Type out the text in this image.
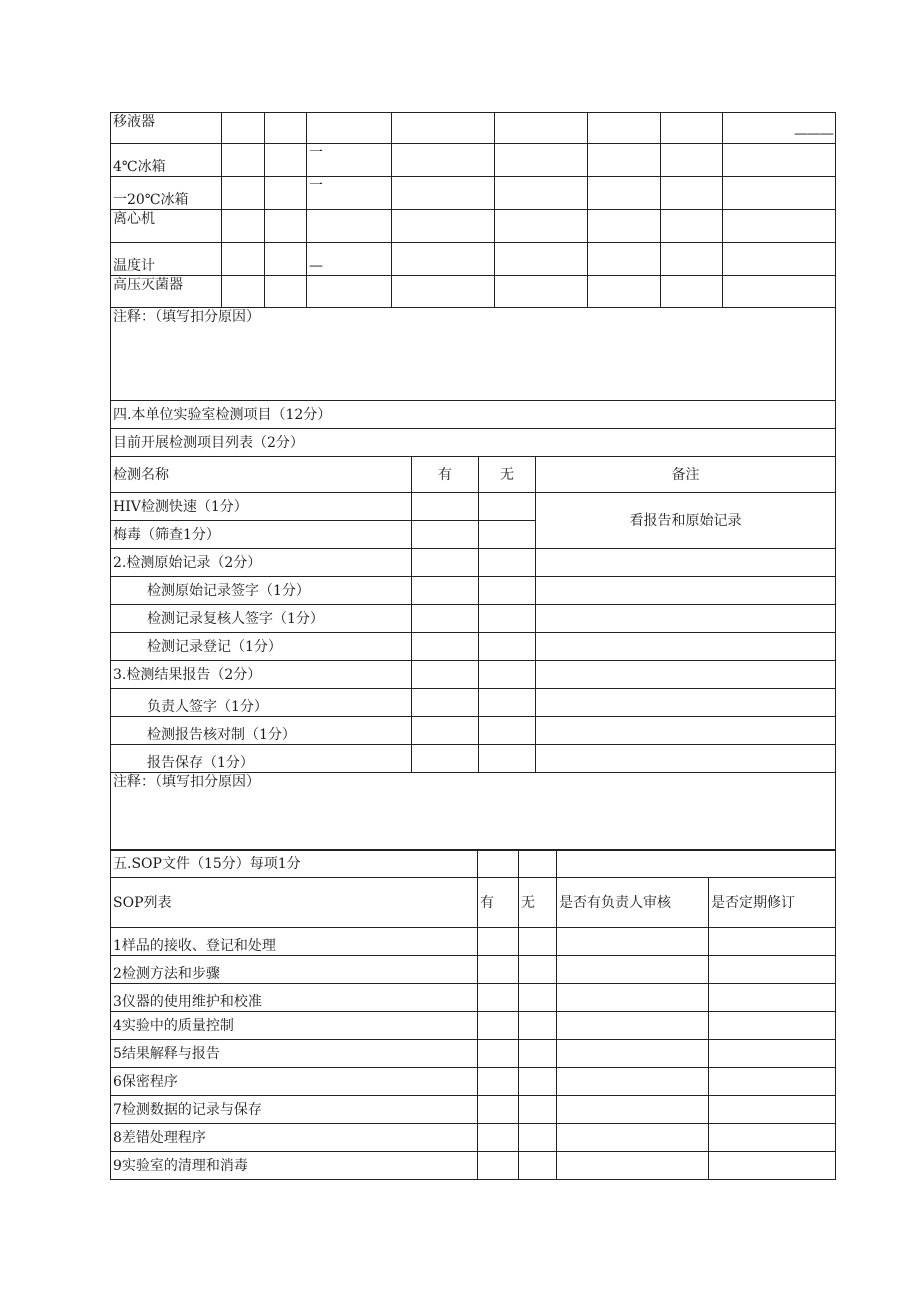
移液器								———
4℃冰箱			一					
一20℃冰箱			一					
离心机								
温度计			—					
高压灭菌器								
注释：（填写扣分原因）								
四.本单位实验室检测项目（12分）			
目前开展检测项目列表（2分）			
检测名称	有	无	备注
HIV检测快速（1分）			看报告和原始记录
梅毒（筛查1分）			
2.检测原始记录（2分）			
检测原始记录签字（1分）			
检测记录复核人签字（1分）			
检测记录登记（1分）			
3.检测结果报告（2分）			
负责人签字（1分）			
检测报告核对制（1分）			
报告保存（1分）			
注释：（填写扣分原因）			
五.SOP文件（15分）每项1分				
SOP列表	有	无	是否有负责人审核	是否定期修订
1样品的接收、登记和处理				
2检测方法和步骤				
3仪器的使用维护和校准				
4实验中的质量控制				
5结果解释与报告				
6保密程序				
7检测数据的记录与保存				
8差错处理程序				
9实验室的清理和消毒				
